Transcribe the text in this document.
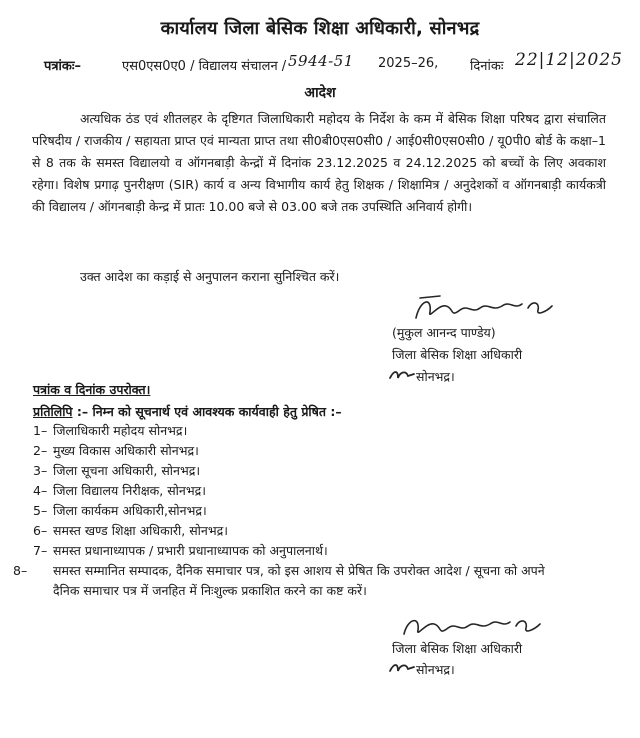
कार्यालय जिला बेसिक शिक्षा अधिकारी, सोनभद्र
पत्रांकः–	एस0एस0ए0 / विद्यालय संचालन / 5944-51 2025–26, दिनांकः 22|12|2025
आदेश
अत्यधिक ठंड एवं शीतलहर के दृष्टिगत जिलाधिकारी महोदय के निर्देश के कम में बेसिक शिक्षा परिषद द्वारा संचालित परिषदीय / राजकीय / सहायता प्राप्त एवं मान्यता प्राप्त तथा सी0बी0एस0सी0 / आई0सी0एस0सी0 / यू0पी0 बोर्ड के कक्षा–1 से 8 तक के समस्त विद्यालयो व ऑगनबाड़ी केन्द्रों में दिनांक 23.12.2025 व 24.12.2025 को बच्चों के लिए अवकाश रहेगा। विशेष प्रगाढ़ पुनरीक्षण (SIR) कार्य व अन्य विभागीय कार्य हेतु शिक्षक / शिक्षामित्र / अनुदेशकों व ऑगनबाड़ी कार्यकत्री की विद्यालय / ऑगनबाड़ी केन्द्र में प्रातः 10.00 बजे से 03.00 बजे तक उपस्थिति अनिवार्य होगी।
उक्त आदेश का कड़ाई से अनुपालन कराना सुनिश्चित करें।
(मुकुल आनन्द पाण्डेय)
जिला बेसिक शिक्षा अधिकारी
सोनभद्र।
पत्रांक व दिनांक उपरोक्त।
प्रतिलिपि :– निम्न को सूचनार्थ एवं आवश्यक कार्यवाही हेतु प्रेषित :–
1– जिलाधिकारी महोदय सोनभद्र।
2– मुख्य विकास अधिकारी सोनभद्र।
3– जिला सूचना अधिकारी, सोनभद्र।
4– जिला विद्यालय निरीक्षक, सोनभद्र।
5– जिला कार्यकम अधिकारी,सोनभद्र।
6– समस्त खण्ड शिक्षा अधिकारी, सोनभद्र।
7– समस्त प्रधानाध्यापक / प्रभारी प्रधानाध्यापक को अनुपालनार्थ।
8– समस्त सम्मानित सम्पादक, दैनिक समाचार पत्र, को इस आशय से प्रेषित कि उपरोक्त आदेश / सूचना को अपने दैनिक समाचार पत्र में जनहित में निःशुल्क प्रकाशित करने का कष्ट करें।
जिला बेसिक शिक्षा अधिकारी
सोनभद्र।
